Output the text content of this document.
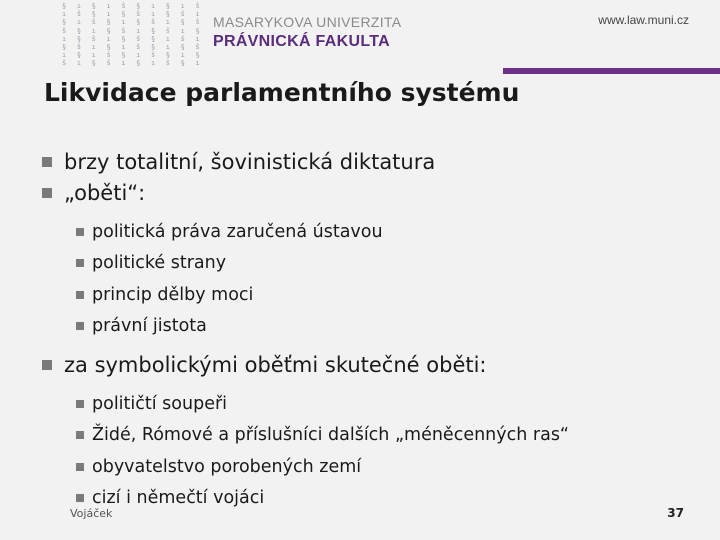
§ ı § ı ŝ § ı § ı ŝ
ı ŝ § ı § ŝ ı § ŝ ı
§ ı ŝ § ı § ŝ ı § ŝ
ŝ § ı § ŝ ı § ŝ ı §
ı § ŝ ı § ŝ § ı ŝ ı
§ ŝ ı § ı ŝ § ı § ŝ
ı § ı ŝ § ı ŝ § ı §
ŝ ı § ŝ ı § ı ŝ § ı
MASARYKOVA UNIVERZITA
PRÁVNICKÁ FAKULTA
www.law.muni.cz
Likvidace parlamentního systému
brzy totalitní, šovinistická diktatura
„oběti“:
politická práva zaručená ústavou
politické strany
princip dělby moci
právní jistota
za symbolickými oběťmi skutečné oběti:
političtí soupeři
Židé, Rómové a příslušníci dalších „méněcenných ras“
obyvatelstvo porobených zemí
cizí i němečtí vojáci
Vojáček	37
